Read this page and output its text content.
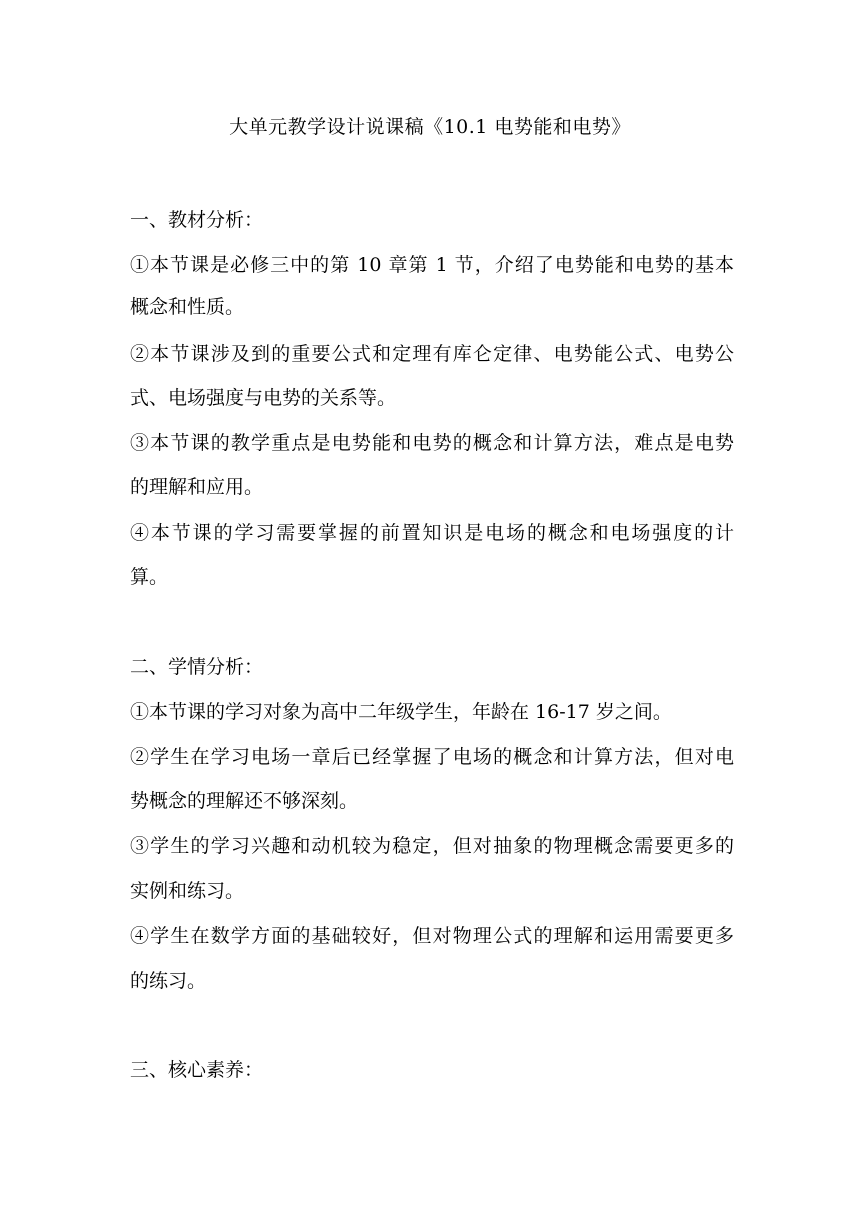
大单元教学设计说课稿《10.1 电势能和电势》
一、教材分析：
①本节课是必修三中的第 10 章第 1 节，介绍了电势能和电势的基本
概念和性质。
②本节课涉及到的重要公式和定理有库仑定律、电势能公式、电势公
式、电场强度与电势的关系等。
③本节课的教学重点是电势能和电势的概念和计算方法，难点是电势
的理解和应用。
④本节课的学习需要掌握的前置知识是电场的概念和电场强度的计
算。
二、学情分析：
①本节课的学习对象为高中二年级学生，年龄在 16-17 岁之间。
②学生在学习电场一章后已经掌握了电场的概念和计算方法，但对电
势概念的理解还不够深刻。
③学生的学习兴趣和动机较为稳定，但对抽象的物理概念需要更多的
实例和练习。
④学生在数学方面的基础较好，但对物理公式的理解和运用需要更多
的练习。
三、核心素养：
